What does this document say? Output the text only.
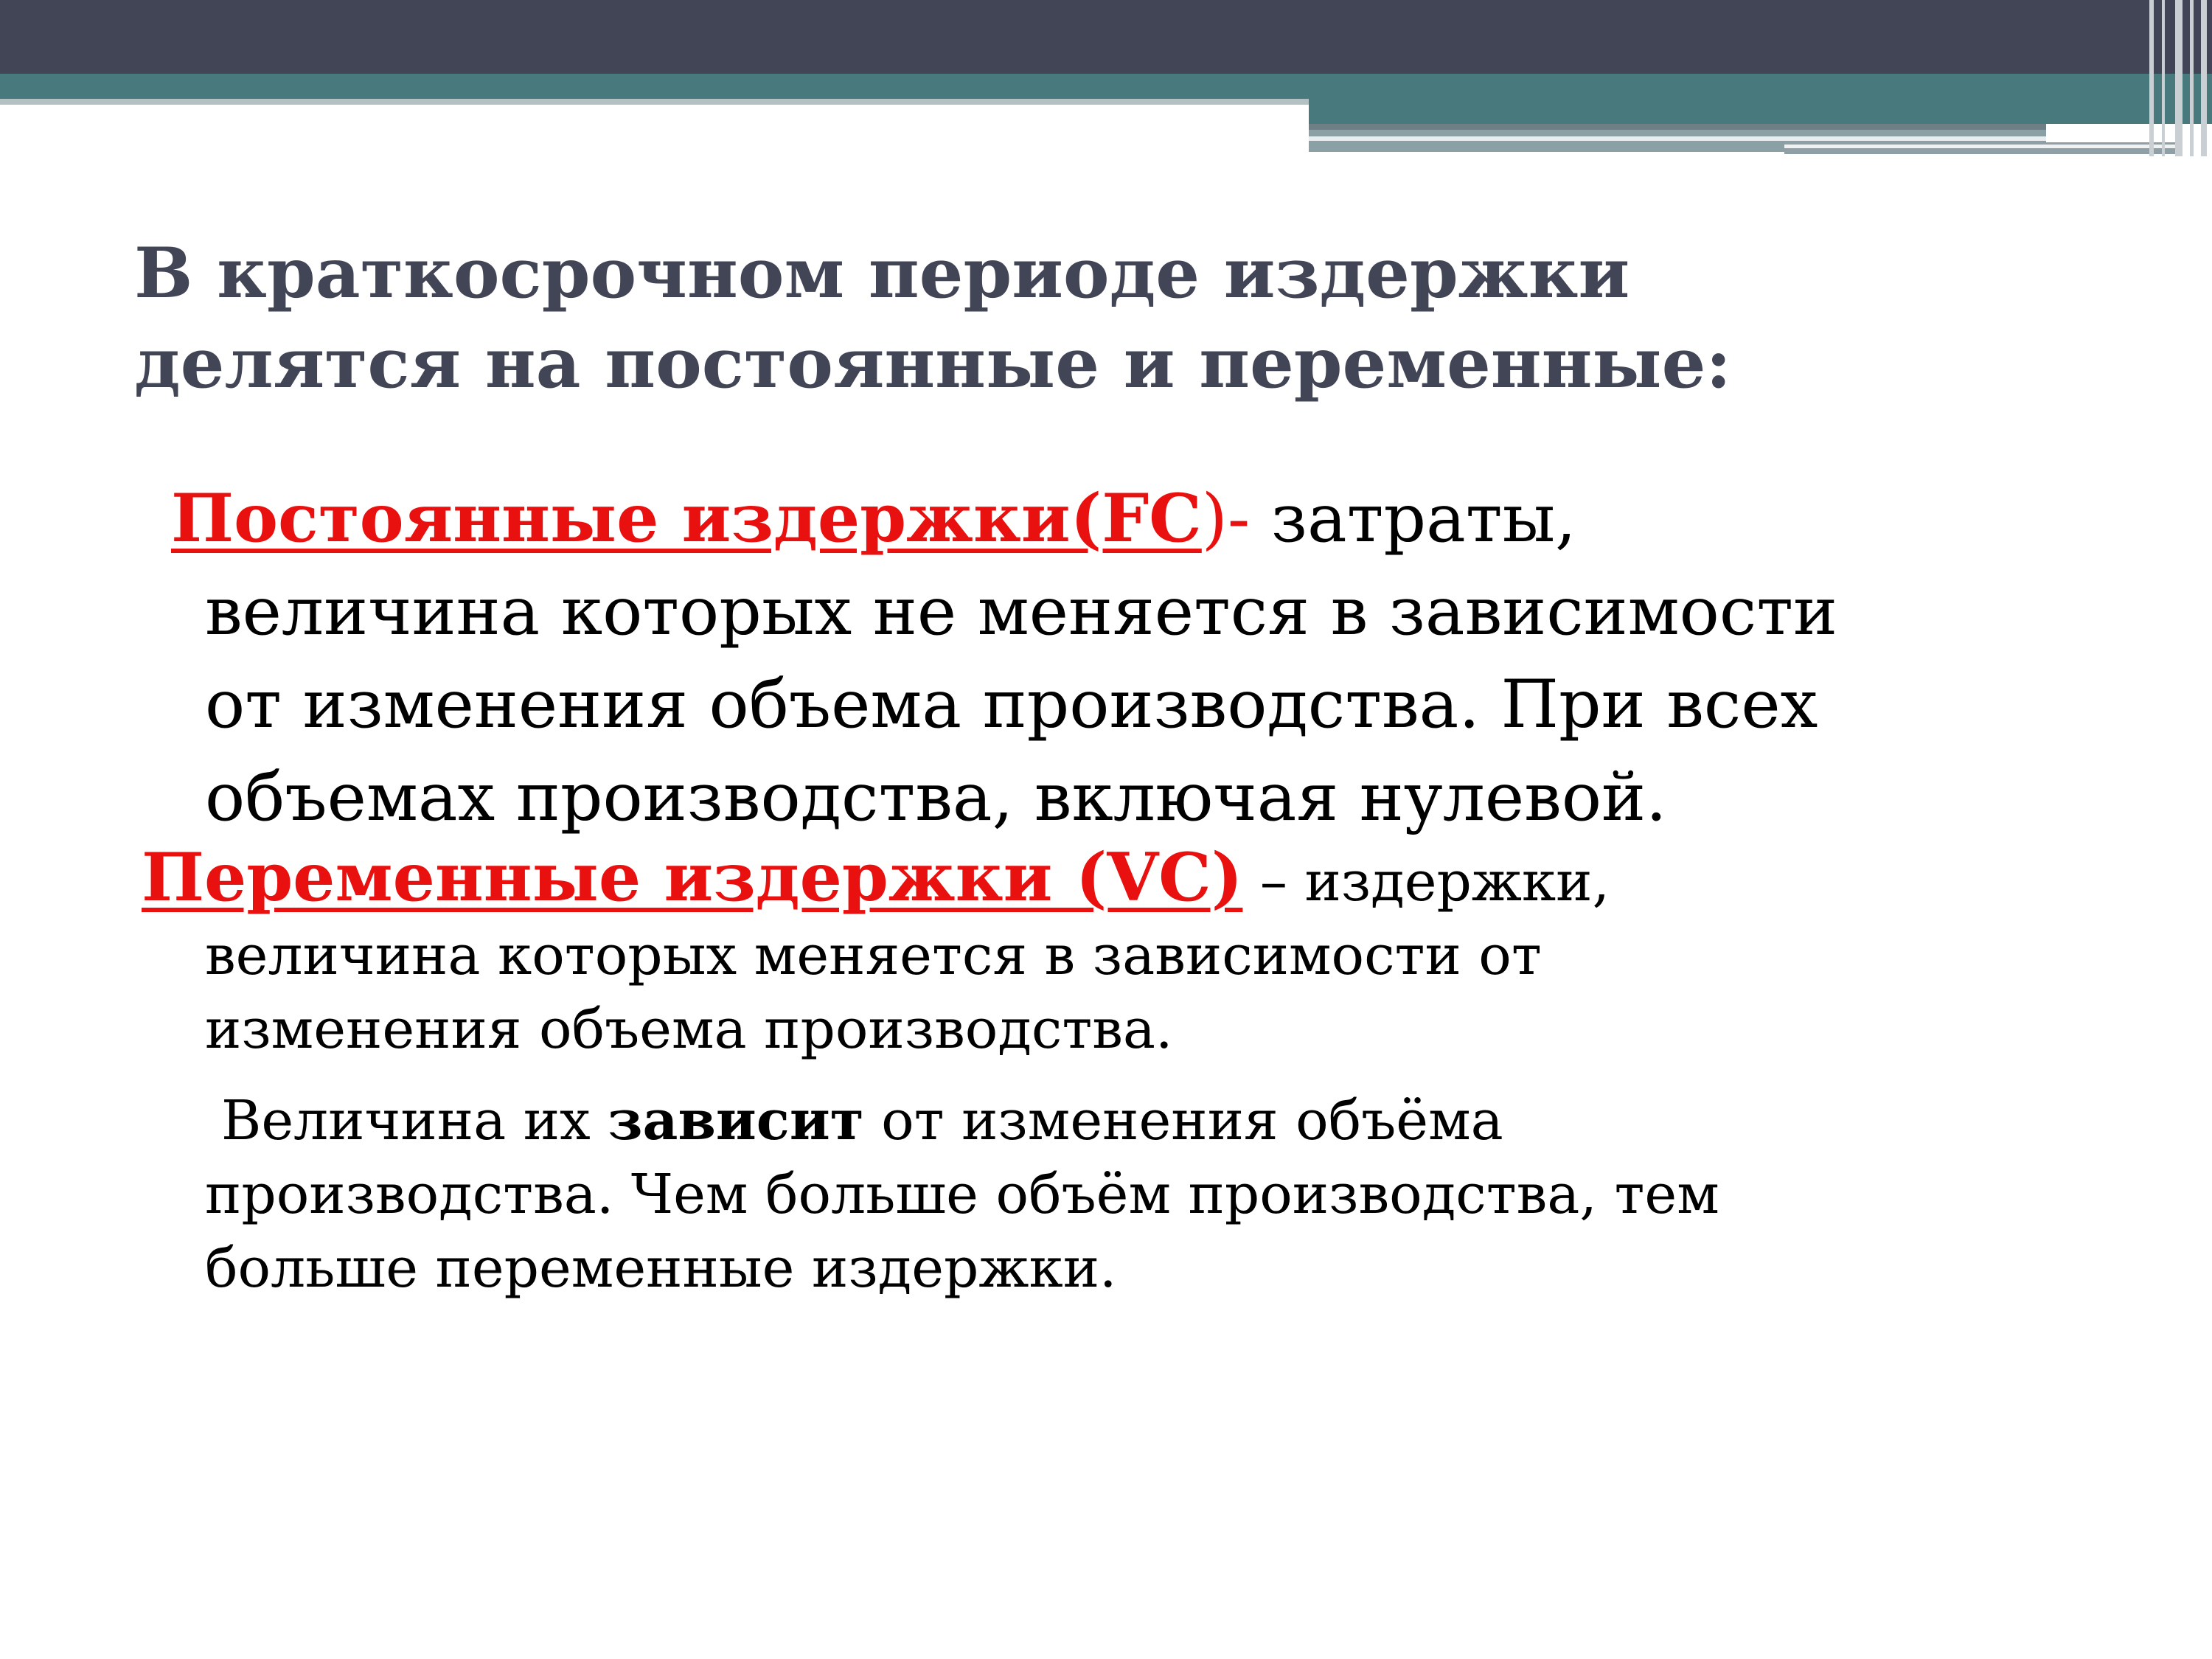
В краткосрочном периоде издержки
делятся на постоянные и переменные:

Постоянные издержки(FC)- затраты,
величина которых не меняется в зависимости
от изменения объема производства. При всех
объемах производства, включая нулевой.

Переменные издержки (VC) – издержки,
величина которых меняется в зависимости от
изменения объема производства.

Величина их зависит от изменения объёма
производства. Чем больше объём производства, тем
больше переменные издержки.
